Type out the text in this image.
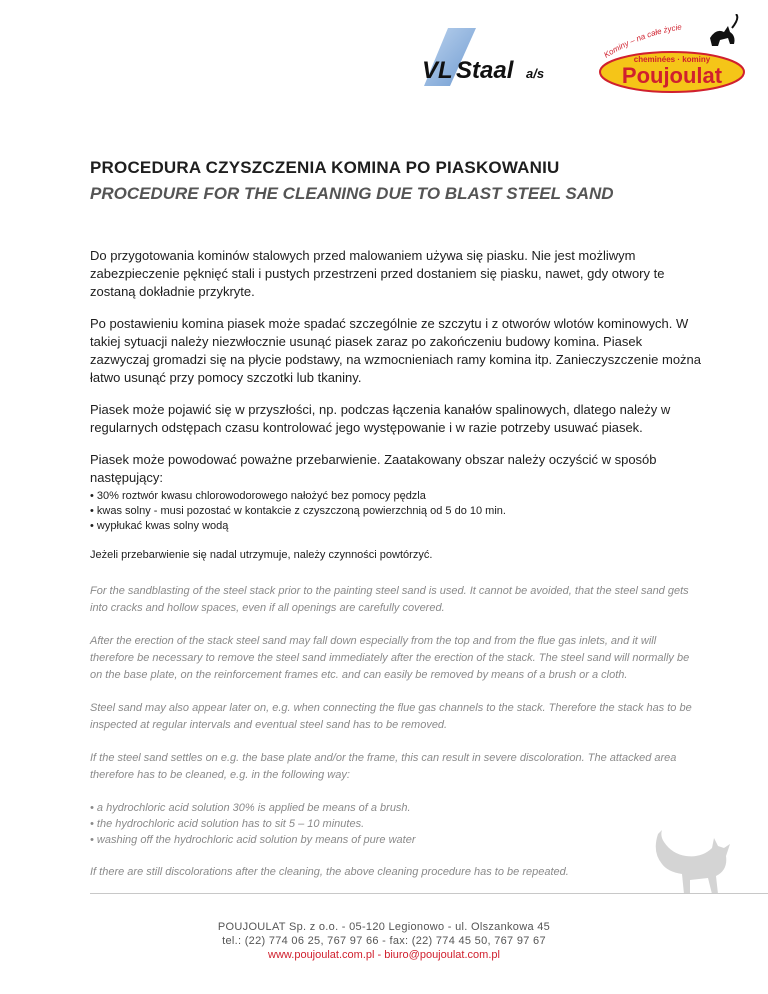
VL Staal a/s
Kominy – na całe życie
cheminées · kominy
Poujoulat
PROCEDURA CZYSZCZENIA KOMINA PO PIASKOWANIU
PROCEDURE FOR THE CLEANING DUE TO BLAST STEEL SAND

Do przygotowania kominów stalowych przed malowaniem używa się piasku. Nie jest możliwym zabezpieczenie pęknięć stali i pustych przestrzeni przed dostaniem się piasku, nawet, gdy otwory te zostaną dokładnie przykryte.

Po postawieniu komina piasek może spadać szczególnie ze szczytu i z otworów wlotów kominowych. W takiej sytuacji należy niezwłocznie usunąć piasek zaraz po zakończeniu budowy komina. Piasek zazwyczaj gromadzi się na płycie podstawy, na wzmocnieniach ramy komina itp. Zanieczyszczenie można łatwo usunąć przy pomocy szczotki lub tkaniny.

Piasek może pojawić się w przyszłości, np. podczas łączenia kanałów spalinowych, dlatego należy w regularnych odstępach czasu kontrolować jego występowanie i w razie potrzeby usuwać piasek.

Piasek może powodować poważne przebarwienie. Zaatakowany obszar należy oczyścić w sposób następujący:

• 30% roztwór kwasu chlorowodorowego nałożyć bez pomocy pędzla
• kwas solny - musi pozostać w kontakcie z czyszczoną powierzchnią od 5 do 10 min.
• wypłukać kwas solny wodą

Jeżeli przebarwienie się nadal utrzymuje, należy czynności powtórzyć.

For the sandblasting of the steel stack prior to the painting steel sand is used. It cannot be avoided, that the steel sand gets into cracks and hollow spaces, even if all openings are carefully covered.

After the erection of the stack steel sand may fall down especially from the top and from the flue gas inlets, and it will therefore be necessary to remove the steel sand immediately after the erection of the stack. The steel sand will normally be on the base plate, on the reinforcement frames etc. and can easily be removed by means of a brush or a cloth.

Steel sand may also appear later on, e.g. when connecting the flue gas channels to the stack. Therefore the stack has to be inspected at regular intervals and eventual steel sand has to be removed.

If the steel sand settles on e.g. the base plate and/or the frame, this can result in severe discoloration. The attacked area therefore has to be cleaned, e.g. in the following way:

• a hydrochloric acid solution 30% is applied be means of a brush.
• the hydrochloric acid solution has to sit 5 – 10 minutes.
• washing off the hydrochloric acid solution by means of pure water

If there are still discolorations after the cleaning, the above cleaning procedure has to be repeated.

POUJOULAT Sp. z o.o. - 05-120 Legionowo - ul. Olszankowa 45

tel.: (22) 774 06 25, 767 97 66 - fax: (22) 774 45 50, 767 97 67

www.poujoulat.com.pl - biuro@poujoulat.com.pl
